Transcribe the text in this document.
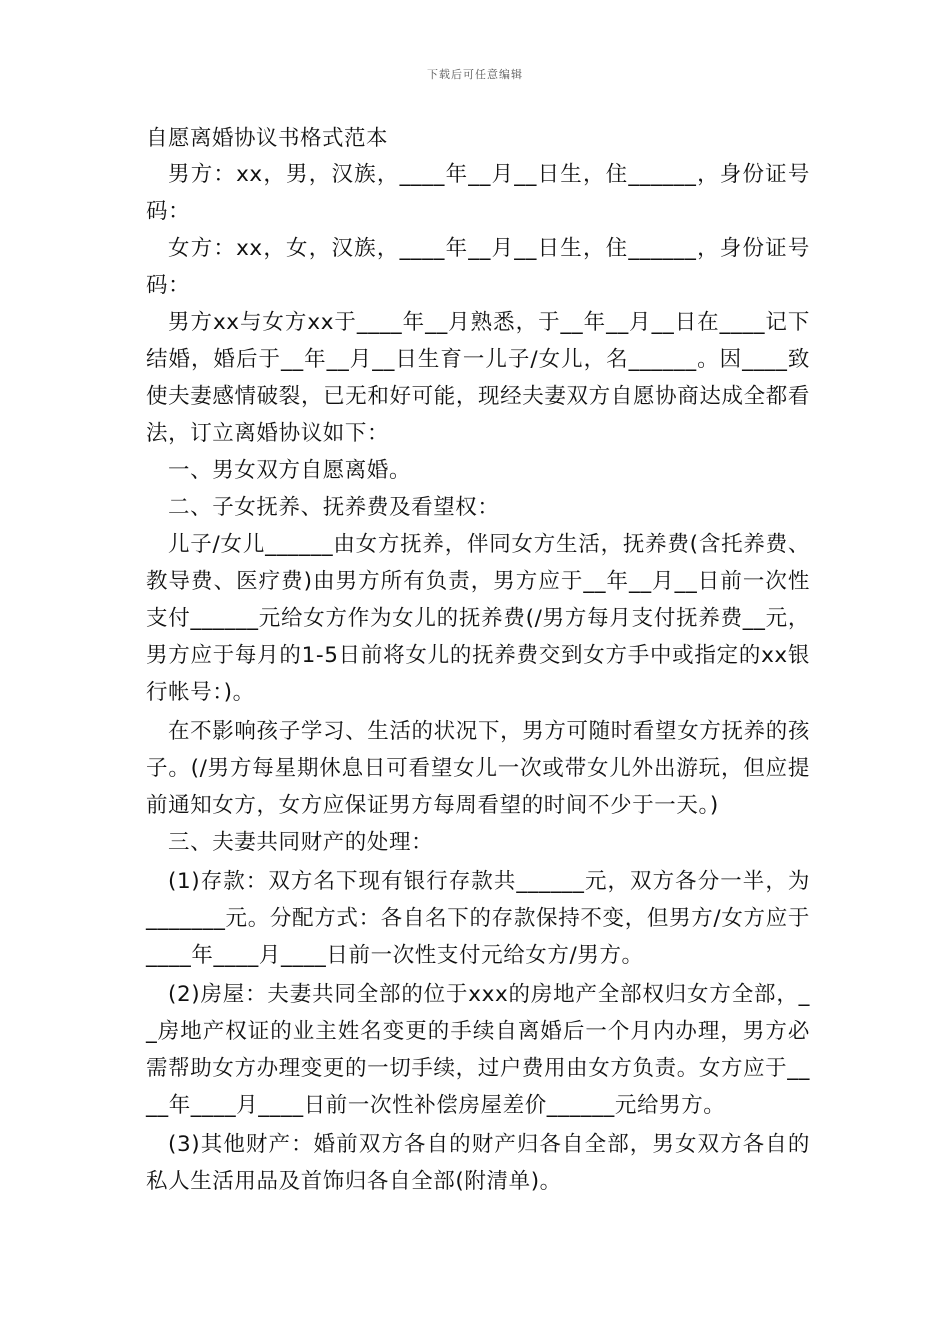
下载后可任意编辑
自愿离婚协议书格式范本

男方：xx，男，汉族，____年__月__日生，住______，身份证号码：

女方：xx，女，汉族，____年__月__日生，住______，身份证号码：

男方xx与女方xx于____年__月熟悉，于__年__月__日在____记下结婚，婚后于__年__月__日生育一儿子/女儿，名______。因____致使夫妻感情破裂，已无和好可能，现经夫妻双方自愿协商达成全都看法，订立离婚协议如下：

一、男女双方自愿离婚。

二、子女抚养、抚养费及看望权：

儿子/女儿______由女方抚养，伴同女方生活，抚养费(含托养费、教导费、医疗费)由男方所有负责，男方应于__年__月__日前一次性支付______元给女方作为女儿的抚养费(/男方每月支付抚养费__元，男方应于每月的1-5日前将女儿的抚养费交到女方手中或指定的xx银行帐号：)。

在不影响孩子学习、生活的状况下，男方可随时看望女方抚养的孩子。(/男方每星期休息日可看望女儿一次或带女儿外出游玩，但应提前通知女方，女方应保证男方每周看望的时间不少于一天。)

三、夫妻共同财产的处理：

(1)存款：双方名下现有银行存款共______元，双方各分一半，为_______元。分配方式：各自名下的存款保持不变，但男方/女方应于____年____月____日前一次性支付元给女方/男方。

(2)房屋：夫妻共同全部的位于xxx的房地产全部权归女方全部，__房地产权证的业主姓名变更的手续自离婚后一个月内办理，男方必需帮助女方办理变更的一切手续，过户费用由女方负责。女方应于____年____月____日前一次性补偿房屋差价______元给男方。

(3)其他财产：婚前双方各自的财产归各自全部，男女双方各自的私人生活用品及首饰归各自全部(附清单)。
